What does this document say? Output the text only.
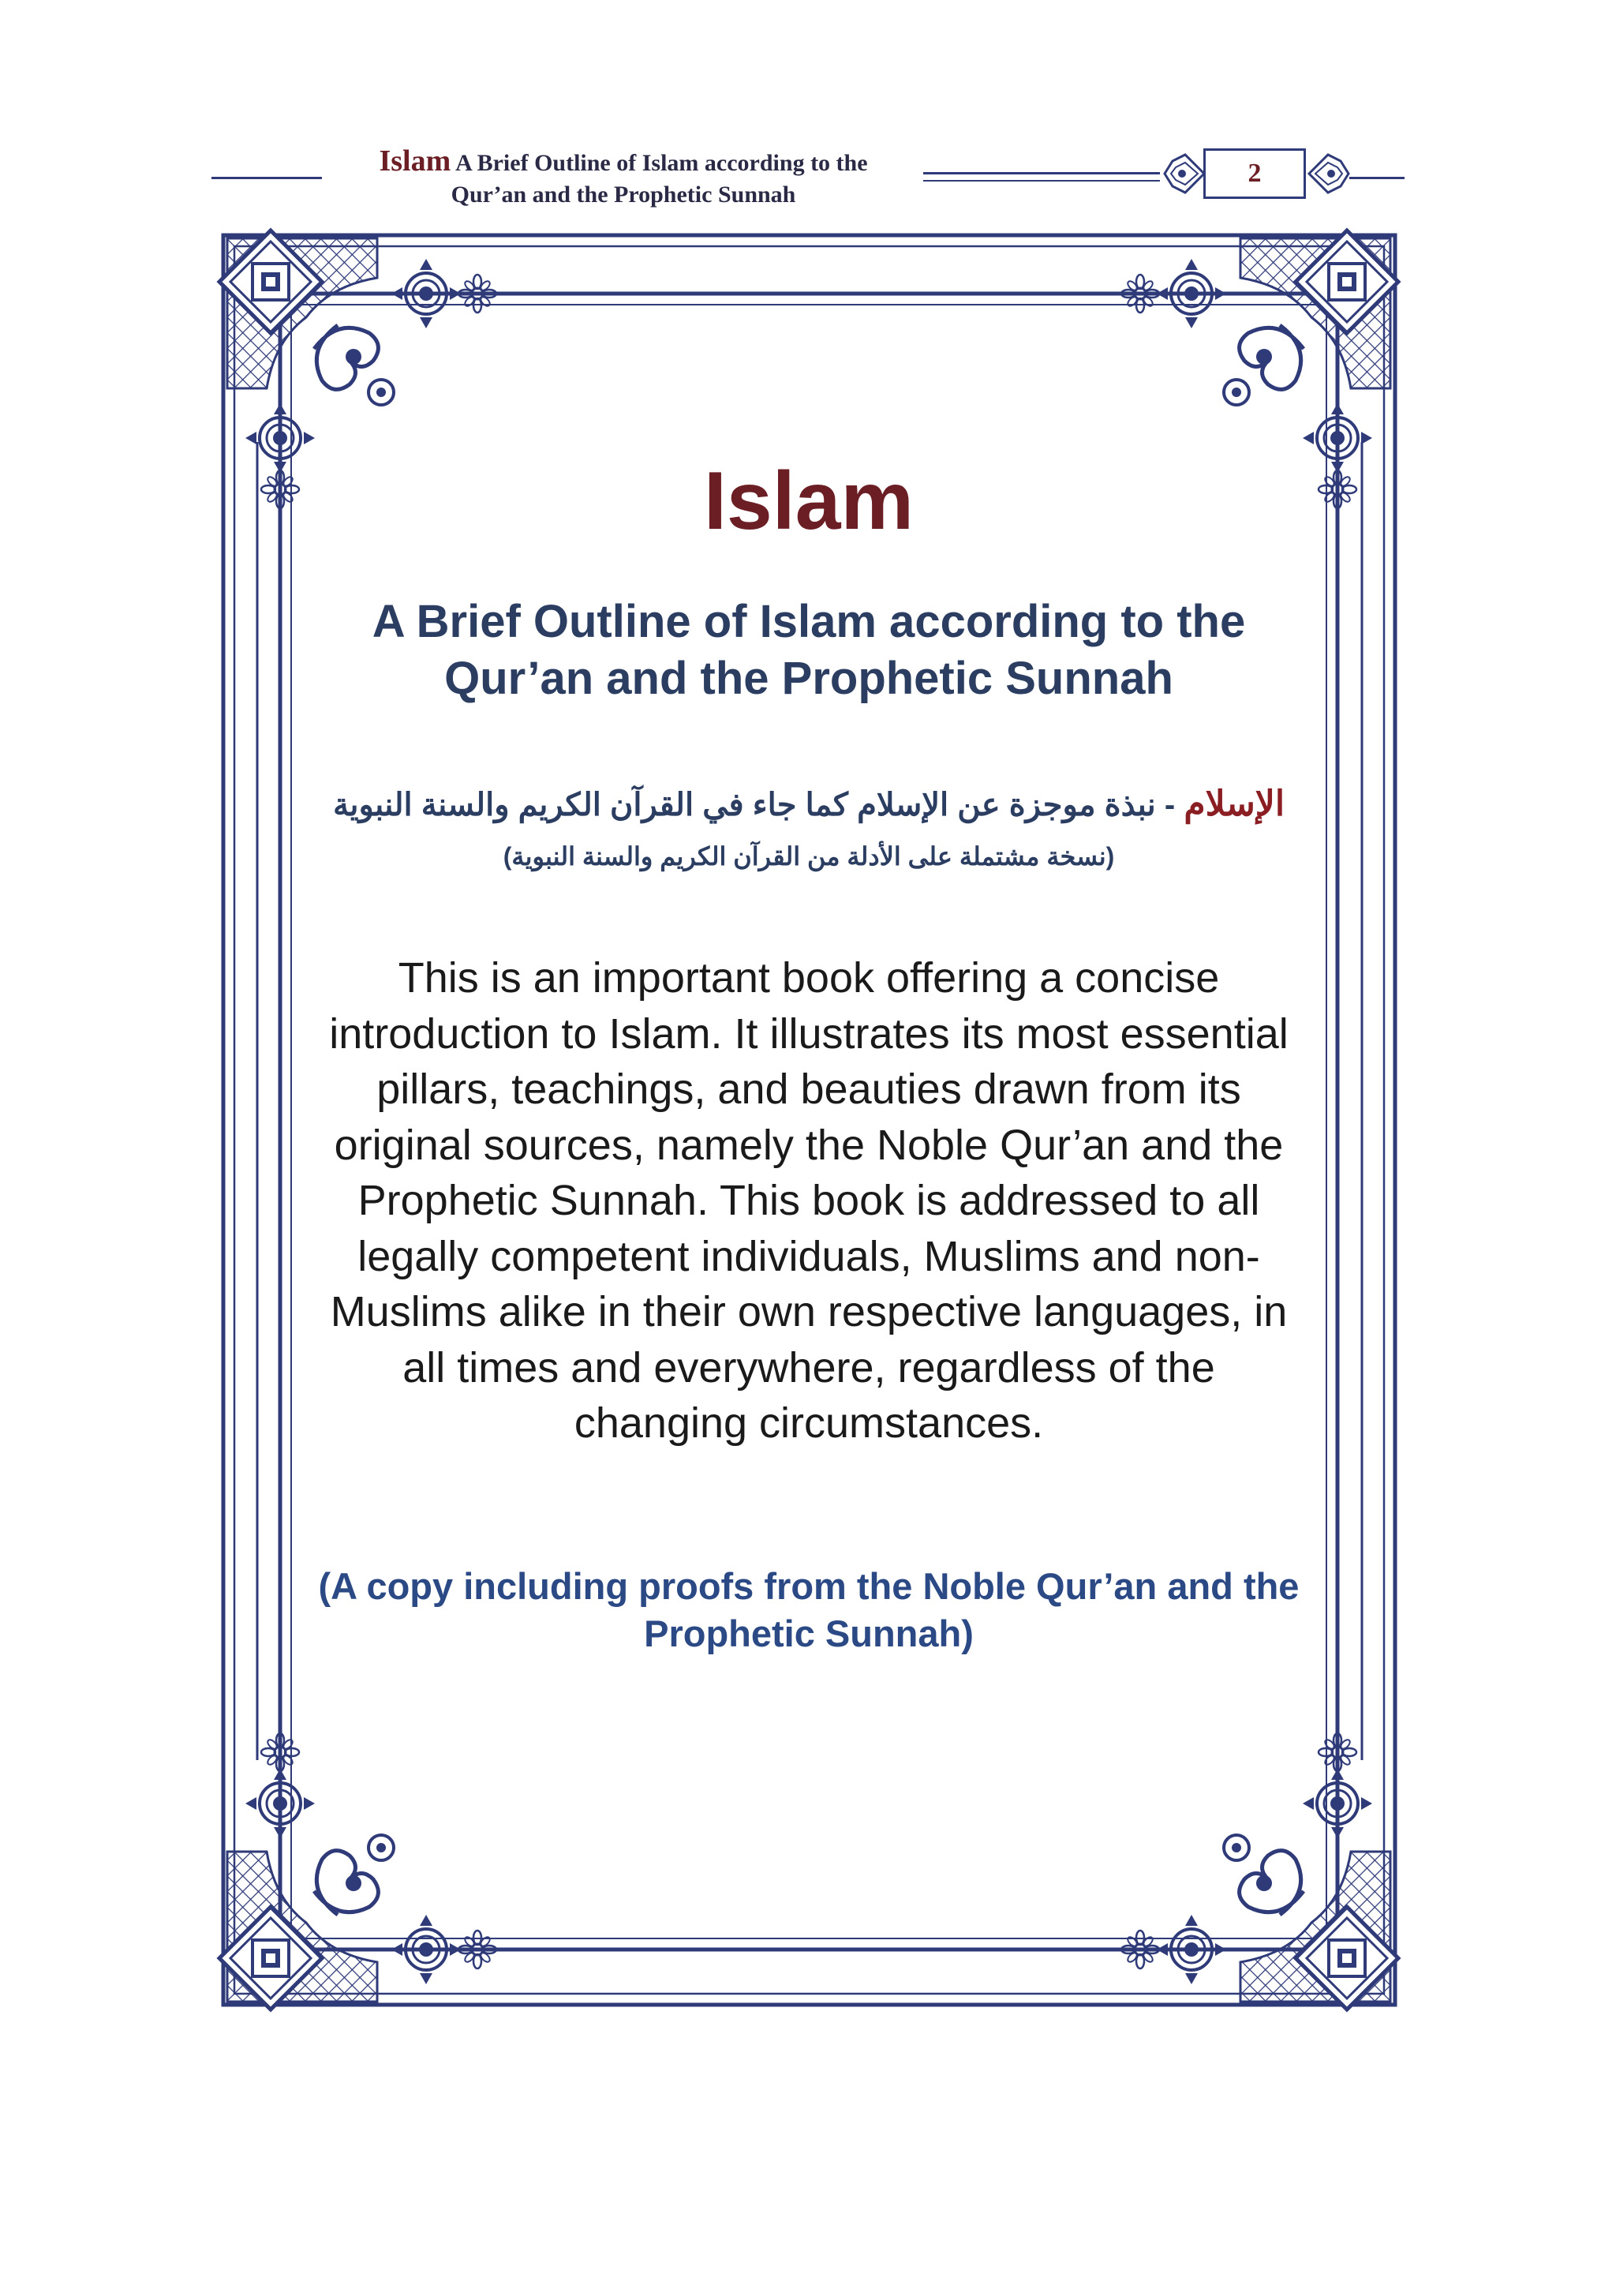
Islam A Brief Outline of Islam according to the Qur’an and the Prophetic Sunnah
2
Islam
A Brief Outline of Islam according to the Qur’an and the Prophetic Sunnah
الإسلام - نبذة موجزة عن الإسلام كما جاء في القرآن الكريم والسنة النبوية
(نسخة مشتملة على الأدلة من القرآن الكريم والسنة النبوية)
This is an important book offering a concise introduction to Islam. It illustrates its most essential pillars, teachings, and beauties drawn from its original sources, namely the Noble Qur’an and the Prophetic Sunnah. This book is addressed to all legally competent individuals, Muslims and non-Muslims alike in their own respective languages, in all times and everywhere, regardless of the changing circumstances.
(A copy including proofs from the Noble Qur’an and the Prophetic Sunnah)
